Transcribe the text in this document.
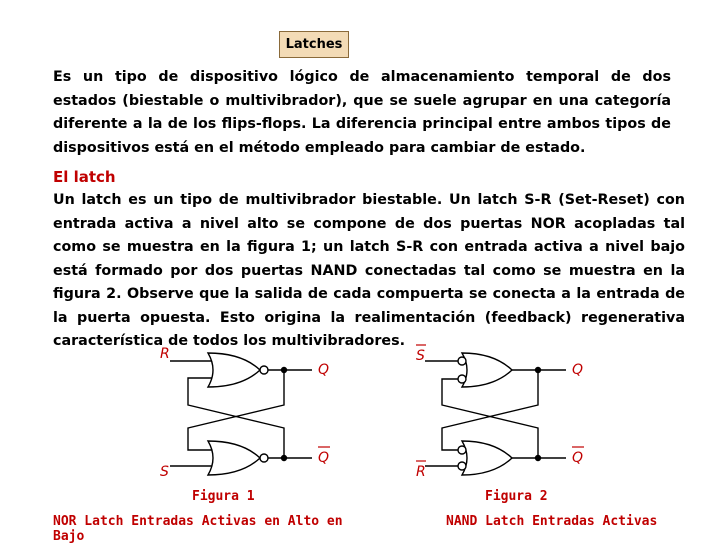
Latches
Es un tipo de dispositivo lógico de almacenamiento temporal de dos estados (biestable o multivibrador), que se suele agrupar en una categoría diferente a la de los flips-flops. La diferencia principal entre ambos tipos de dispositivos está en el método empleado para cambiar de estado.
El latch
Un latch es un tipo de multivibrador biestable. Un latch S-R (Set-Reset) con entrada activa a nivel alto se compone de dos puertas NOR acopladas tal como se muestra en la figura 1; un latch S-R con entrada activa a nivel bajo está formado por dos puertas NAND conectadas tal como se muestra en la figura 2. Observe que la salida de cada compuerta se conecta a la entrada de la puerta opuesta. Esto origina la realimentación (feedback) regenerativa característica de todos los multivibradores.
R
S
Q
Q
S
R
Q
Q
Figura 1	Figura 2
NOR Latch Entradas Activas en Alto en Bajo
NAND Latch Entradas Activas
